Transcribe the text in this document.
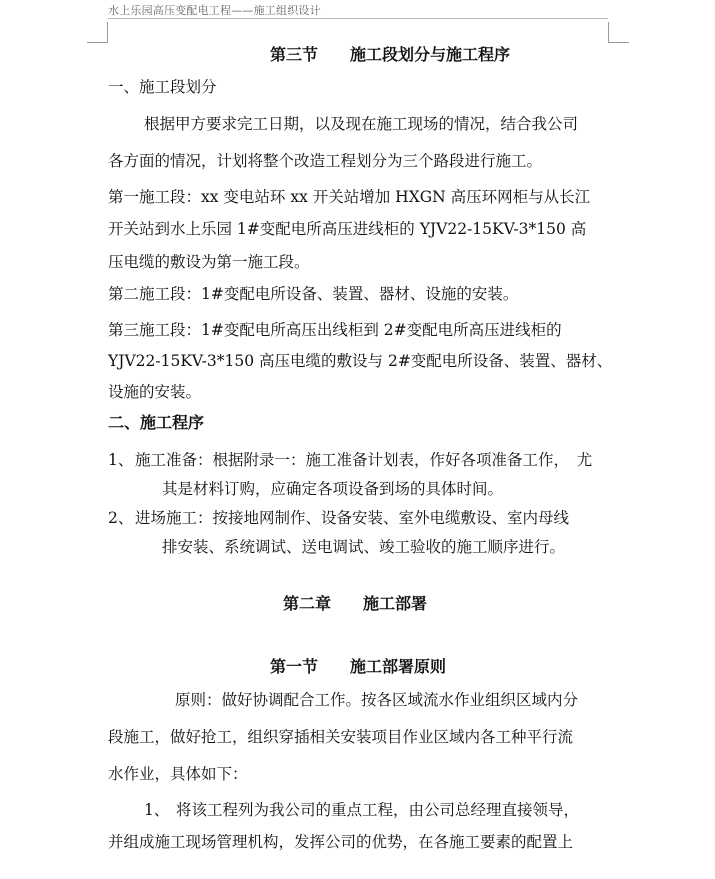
水上乐园高压变配电工程——施工组织设计
第三节　　施工段划分与施工程序
一、施工段划分
根据甲方要求完工日期，以及现在施工现场的情况，结合我公司
各方面的情况，计划将整个改造工程划分为三个路段进行施工。
第一施工段：xx 变电站环 xx 开关站增加 HXGN 高压环网柜与从长江
开关站到水上乐园 1#变配电所高压进线柜的 YJV22-15KV-3*150 高
压电缆的敷设为第一施工段。
第二施工段：1#变配电所设备、装置、器材、设施的安装。
第三施工段：1#变配电所高压出线柜到 2#变配电所高压进线柜的
YJV22-15KV-3*150 高压电缆的敷设与 2#变配电所设备、装置、器材、
设施的安装。
二、施工程序
1、 施工准备：根据附录一：施工准备计划表，作好各项准备工作，　尤
其是材料订购，应确定各项设备到场的具体时间。
2、 进场施工：按接地网制作、设备安装、室外电缆敷设、室内母线
排安装、系统调试、送电调试、竣工验收的施工顺序进行。
第二章　　施工部署
第一节　　施工部署原则
原则：做好协调配合工作。按各区域流水作业组织区域内分
段施工，做好抢工，组织穿插相关安装项目作业区域内各工种平行流
水作业，具体如下：
1、 将该工程列为我公司的重点工程，由公司总经理直接领导，
并组成施工现场管理机构，发挥公司的优势，在各施工要素的配置上
